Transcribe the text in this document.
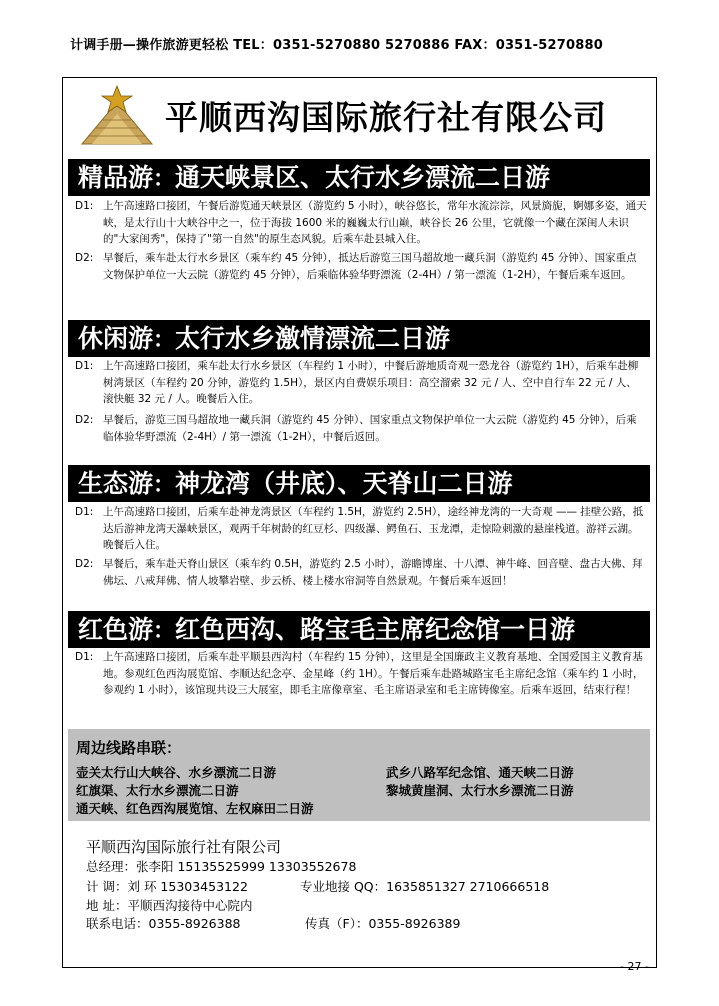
计调手册—操作旅游更轻松 TEL：0351-5270880 5270886 FAX：0351-5270880
平顺西沟国际旅行社有限公司
精品游：通天峡景区、太行水乡漂流二日游
D1: 上午高速路口接团，午餐后游览通天峡景区（游览约 5 小时），峡谷悠长，常年水流淙淙，风景旖旎，婀娜多姿，通天峡，是太行山十大峡谷中之一，位于海拔 1600 米的巍巍太行山巅，峡谷长 26 公里，它就像一个藏在深闺人未识的"大家闺秀"，保持了"第一自然"的原生态风貌。后乘车赴县城入住。
D2: 早餐后，乘车赴太行水乡景区（乘车约 45 分钟），抵达后游览三国马超故地一藏兵洞（游览约 45 分钟）、国家重点文物保护单位一大云院（游览约 45 分钟），后乘临体验华野漂流（2-4H）/ 第一漂流（1-2H），午餐后乘车返回。
休闲游：太行水乡激情漂流二日游
D1: 上午高速路口接团，乘车赴太行水乡景区（车程约 1 小时），中餐后游地质奇观一恐龙谷（游览约 1H），后乘车赴柳树湾景区（车程约 20 分钟，游览约 1.5H），景区内自费娱乐项目：高空溜索 32 元 / 人、空中自行车 22 元 / 人、滚快艇 32 元 / 人。晚餐后入住。
D2: 早餐后，游览三国马超故地一藏兵洞（游览约 45 分钟）、国家重点文物保护单位一大云院（游览约 45 分钟），后乘临体验华野漂流（2-4H）/ 第一漂流（1-2H），中餐后返回。
生态游：神龙湾（井底）、天脊山二日游
D1: 上午高速路口接团，后乘车赴神龙湾景区（车程约 1.5H，游览约 2.5H），途经神龙湾的一大奇观 —— 挂壁公路，抵达后游神龙湾天瀑峡景区，观两千年树龄的红豆杉、四级瀑、鳄鱼石、玉龙潭，走惊险刺激的悬崖栈道。游祥云湖。晚餐后入住。
D2: 早餐后，乘车赴天脊山景区（乘车约 0.5H，游览约 2.5 小时），游瞻博崖、十八潭、神牛峰、回音壁、盘古大佛、拜佛坛、八戒拜佛、情人坡攀岩壁、步云桥、楼上楼水帘洞等自然景观。午餐后乘车返回！
红色游：红色西沟、路宝毛主席纪念馆一日游
D1: 上午高速路口接团，后乘车赴平顺县西沟村（车程约 15 分钟），这里是全国廉政主义教育基地、全国爱国主义教育基地。参观红色西沟展览馆、李顺达纪念亭、金星峰（约 1H）。午餐后乘车赴路城路宝毛主席纪念馆（乘车约 1 小时，参观约 1 小时），该馆现共设三大展室，即毛主席像章室、毛主席语录室和毛主席铸像室。后乘车返回，结束行程！
周边线路串联：
壶关太行山大峡谷、水乡漂流二日游	武乡八路军纪念馆、通天峡二日游
红旗渠、太行水乡漂流二日游	黎城黄崖洞、太行水乡漂流二日游
通天峡、红色西沟展览馆、左权麻田二日游
平顺西沟国际旅行社有限公司
总经理：张李阳 15135525999 13303552678
计 调：刘 环 15303453122	专业地接 QQ：1635851327 2710666518
地 址：平顺西沟接待中心院内
联系电话：0355-8926388	传真（F）：0355-8926389
- 27 -
